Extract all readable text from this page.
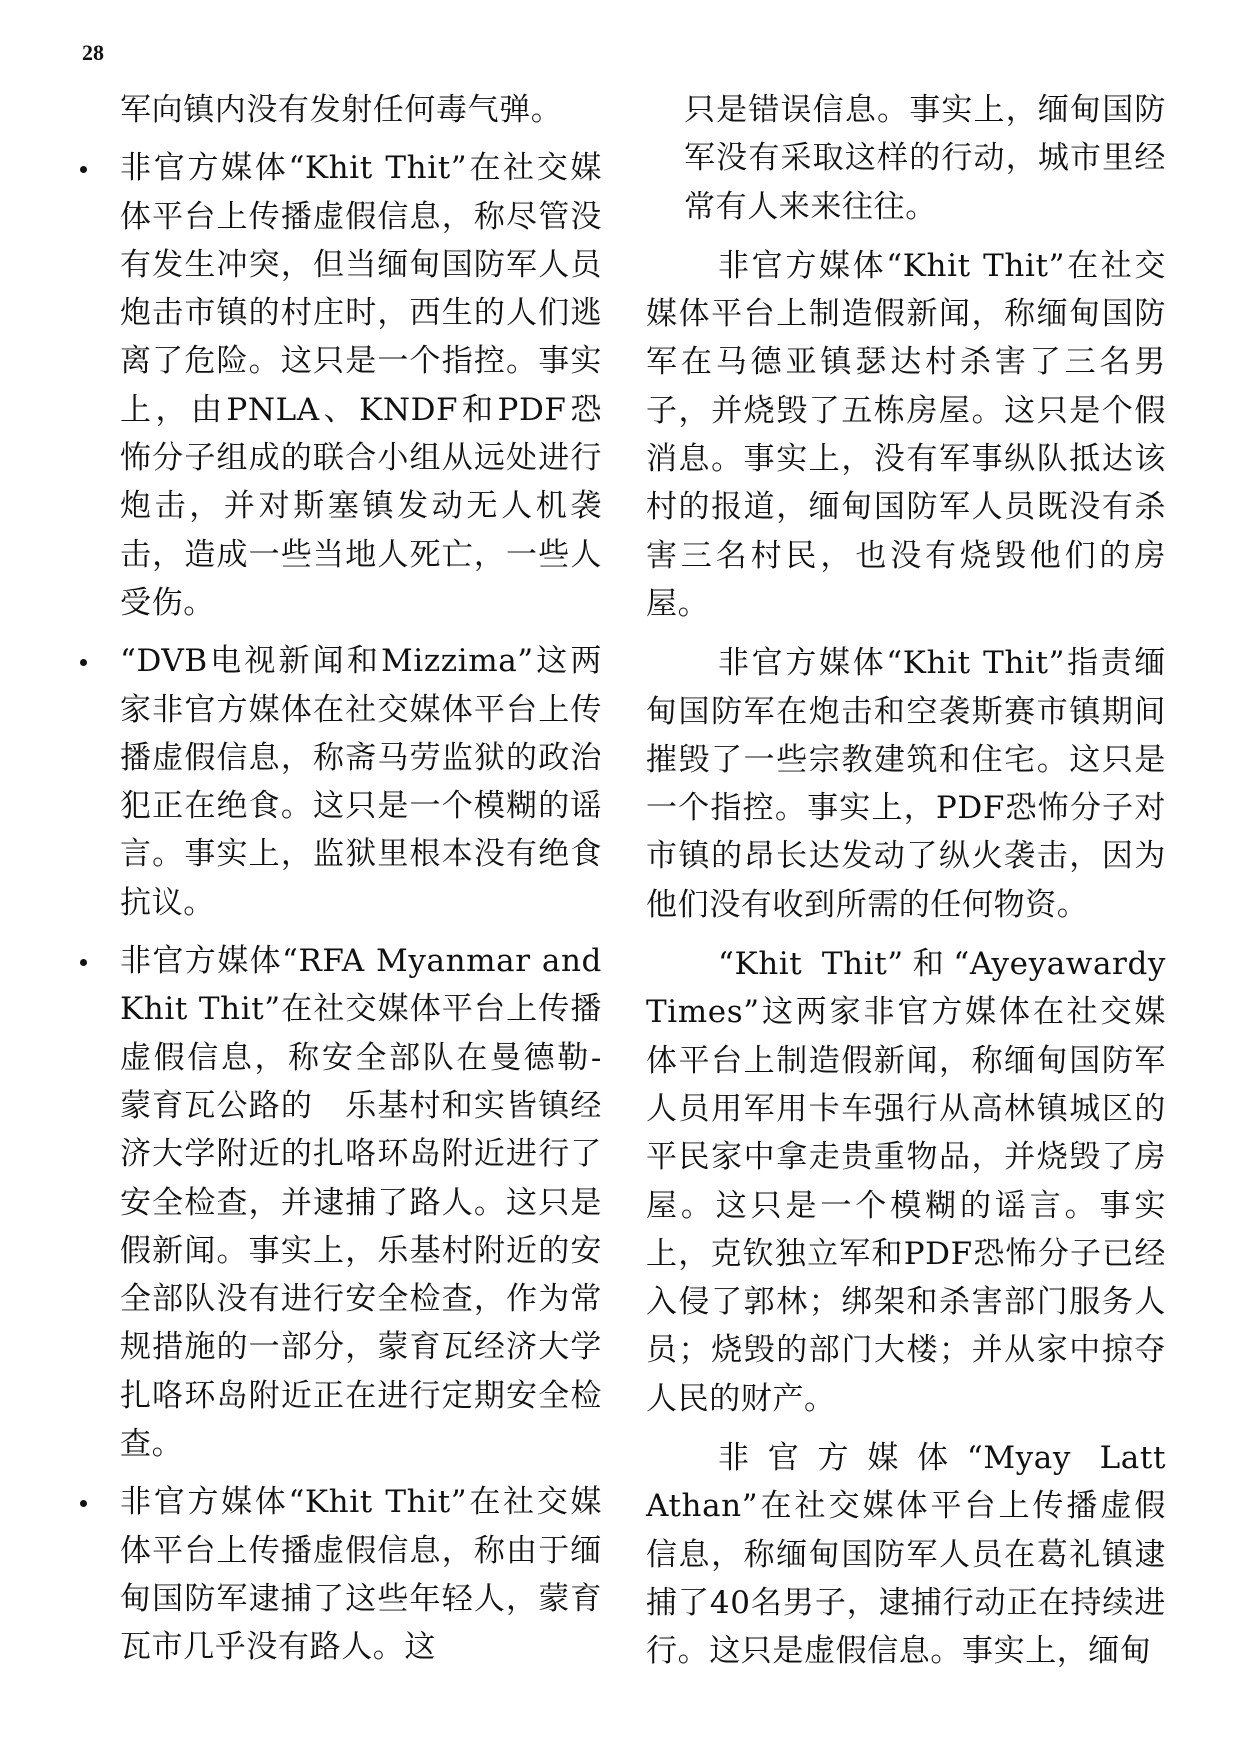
28

军向镇内没有发射任何毒气弹。

非官方媒体“Khit Thit”在社交媒体平台上传播虚假信息，称尽管没有发生冲突，但当缅甸国防军人员炮击市镇的村庄时，西生的人们逃离了危险。这只是一个指控。事实上，由PNLA、KNDF和PDF恐怖分子组成的联合小组从远处进行炮击，并对斯塞镇发动无人机袭击，造成一些当地人死亡，一些人受伤。

“DVB电视新闻和Mizzima”这两家非官方媒体在社交媒体平台上传播虚假信息，称斋马劳监狱的政治犯正在绝食。这只是一个模糊的谣言。事实上，监狱里根本没有绝食抗议。

非官方媒体“RFA Myanmar and Khit Thit”在社交媒体平台上传播虚假信息，称安全部队在曼德勒-蒙育瓦公路的　乐基村和实皆镇经济大学附近的扎咯环岛附近进行了安全检查，并逮捕了路人。这只是假新闻。事实上，乐基村附近的安全部队没有进行安全检查，作为常规措施的一部分，蒙育瓦经济大学扎咯环岛附近正在进行定期安全检查。

非官方媒体“Khit Thit”在社交媒体平台上传播虚假信息，称由于缅甸国防军逮捕了这些年轻人，蒙育瓦市几乎没有路人。这

只是错误信息。事实上，缅甸国防军没有采取这样的行动，城市里经常有人来来往往。

非官方媒体“Khit Thit”在社交媒体平台上制造假新闻，称缅甸国防军在马德亚镇瑟达村杀害了三名男子，并烧毁了五栋房屋。这只是个假消息。事实上，没有军事纵队抵达该村的报道，缅甸国防军人员既没有杀害三名村民，也没有烧毁他们的房屋。

非官方媒体“Khit Thit”指责缅甸国防军在炮击和空袭斯赛市镇期间摧毁了一些宗教建筑和住宅。这只是一个指控。事实上，PDF恐怖分子对市镇的昂长达发动了纵火袭击，因为他们没有收到所需的任何物资。

“Khit Thit”和“Ayeyawardy Times”这两家非官方媒体在社交媒体平台上制造假新闻，称缅甸国防军人员用军用卡车强行从高林镇城区的平民家中拿走贵重物品，并烧毁了房屋。这只是一个模糊的谣言。事实上，克钦独立军和PDF恐怖分子已经入侵了郭林；绑架和杀害部门服务人员；烧毁的部门大楼；并从家中掠夺人民的财产。

非官方媒体“Myay Latt Athan”在社交媒体平台上传播虚假信息，称缅甸国防军人员在葛礼镇逮捕了40名男子，逮捕行动正在持续进行。这只是虚假信息。事实上，缅甸
